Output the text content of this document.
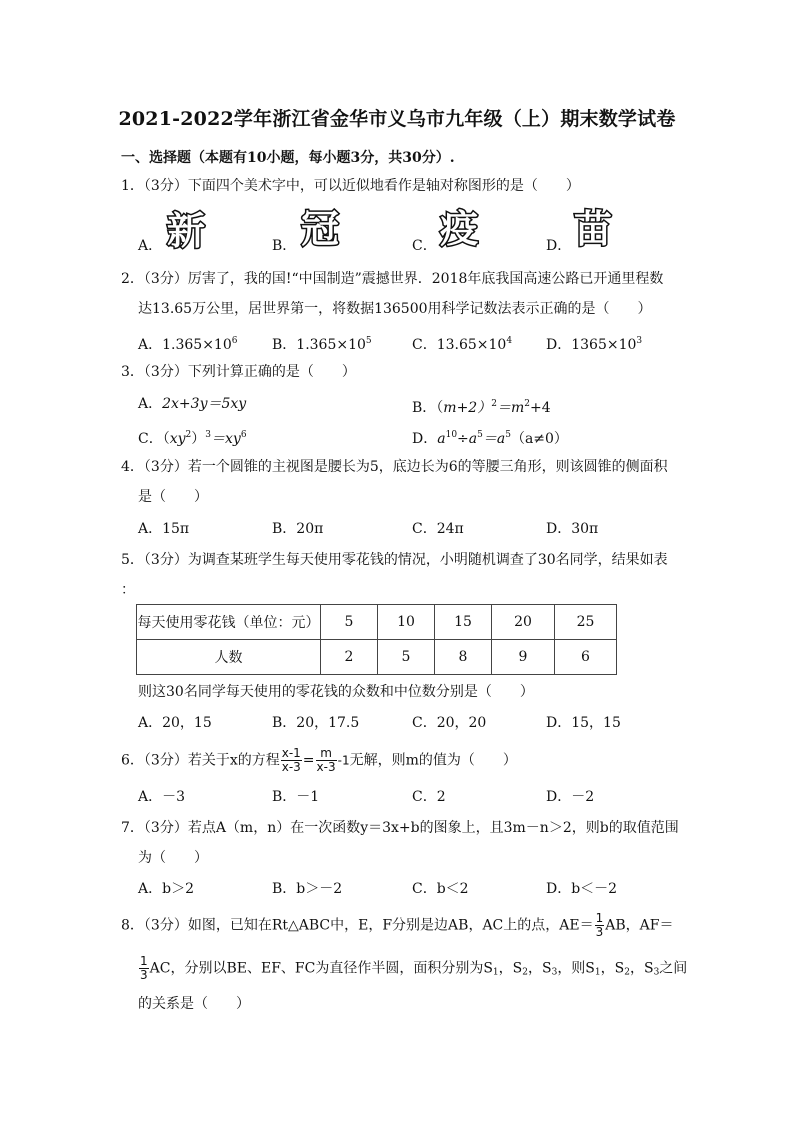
2021-2022学年浙江省金华市义乌市九年级（上）期末数学试卷
一、选择题（本题有10小题，每小题3分，共30分）.
1．（3分）下面四个美术字中，可以近似地看作是轴对称图形的是（　　）
A． 新	B． 冠	C． 疫	D． 苗
2．（3分）厉害了，我的国!“中国制造”震撼世界．2018年底我国高速公路已开通里程数
达13.65万公里，居世界第一，将数据136500用科学记数法表示正确的是（　　）
A．$1.365\times 10^6$ B．$1.365\times 10^5$	C．$13.65\times 10^4$ D．$1365\times 10^3$
3．（3分）下列计算正确的是（　　）
A．2x+3y＝5xy	B．$(m+2)^2=m^2+4$
C．$(xy^2)^3=xy^6$	D．$a^{10}\div a^5=a^5(a\ne 0)$
4．（3分）若一个圆锥的主视图是腰长为5，底边长为6的等腰三角形，则该圆锥的侧面积
是（　　）
A．15π	B．20π	C．24π	D．30π
5．（3分）为调查某班学生每天使用零花钱的情况，小明随机调查了30名同学，结果如表
：
每天使用零花钱（单位：元）	5	10	15	20	25
人数	2	5	8	9	6
则这30名同学每天使用的零花钱的众数和中位数分别是（　　）
A．20，15	B．20，17.5	C．20，20	D．15，15
6．（3分）若关于x的方程 $\frac{x-1}{x-3} = \frac{m}{x-3} -1$无解，则m的值为（　　）
A．－3	B．－1	C．2	D．－2
7．（3分）若点A（m，n）在一次函数y＝3x+b的图象上，且3m－n＞2，则b的取值范围
为（　　）
A．b＞2	B．b＞－2	C．b＜2	D．b＜－2
8．（3分）如图，已知在Rt△ABC中，E，F分别是边AB，AC上的点，$AE= \frac{1}{3}$ AB，AF＝
$\frac{1}{3}$ AC，分别以BE、EF、FC为直径作半圆，面积分别为$S_1$，$S_2$，$S_3$，则$S_1$，$S_2$，$S_3$之间
的关系是（　　）
